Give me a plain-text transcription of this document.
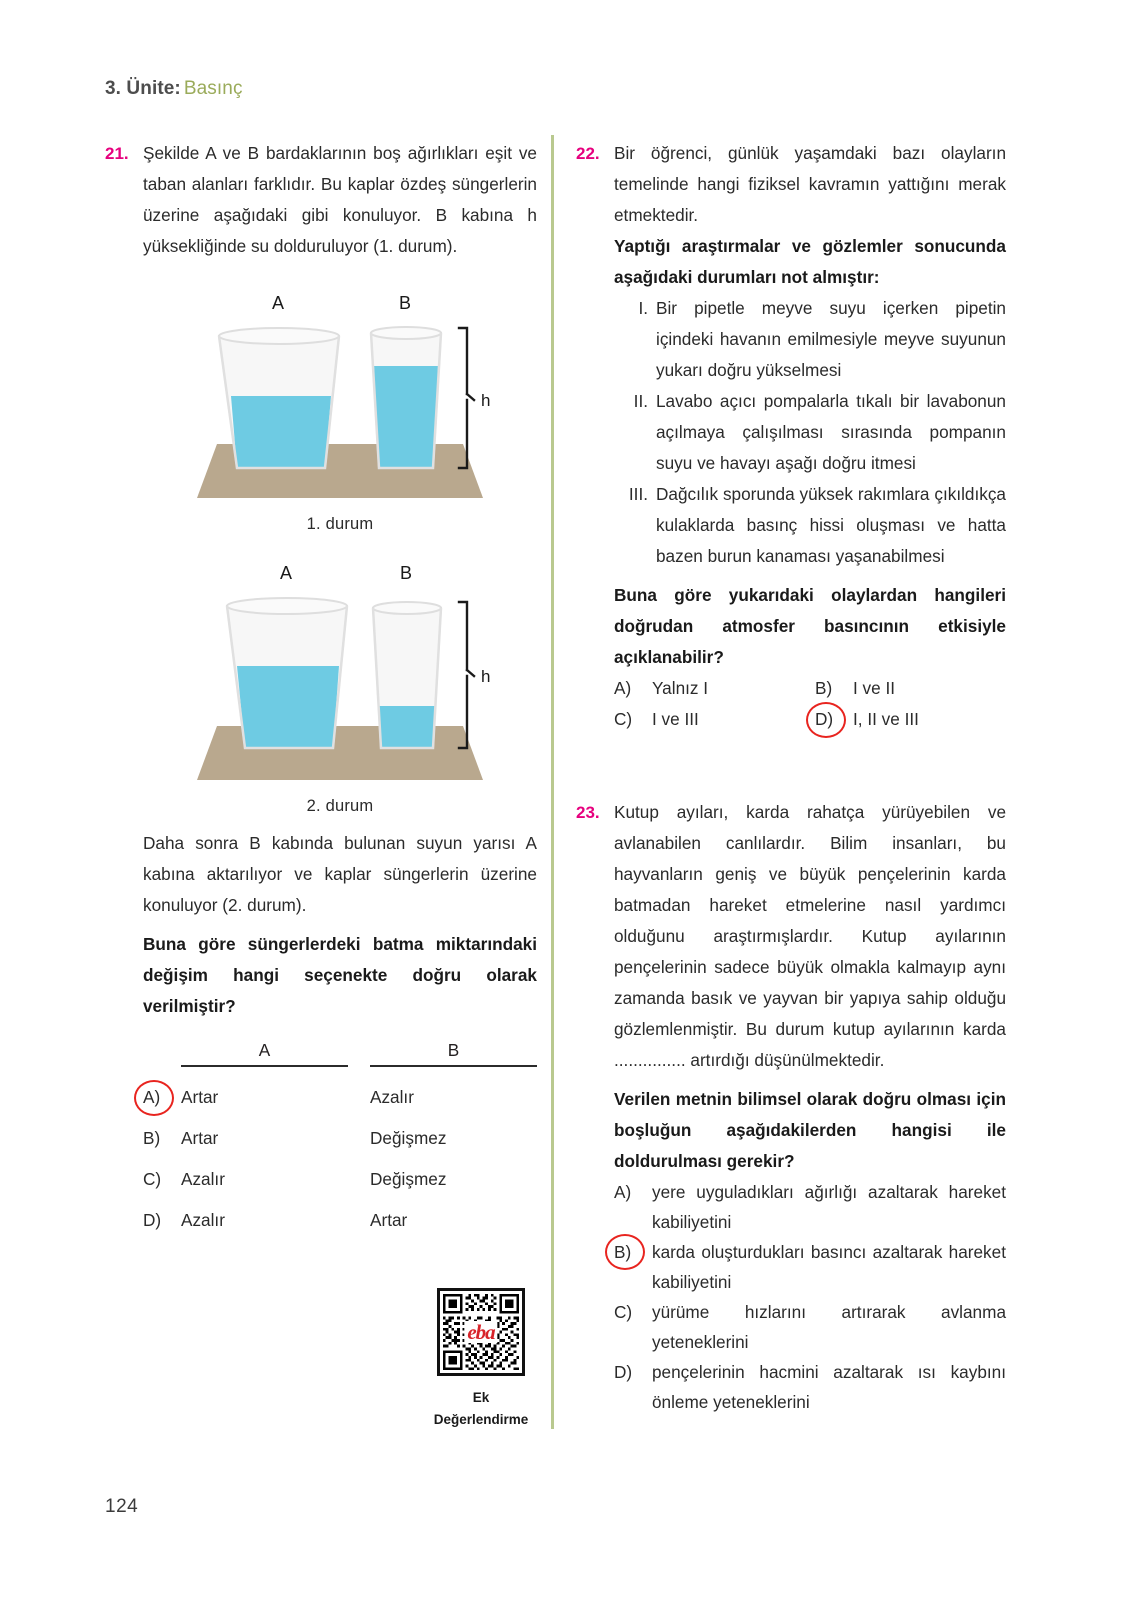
3. Ünite: Basınç
21. Şekilde A ve B bardaklarının boş ağırlıkları eşit ve taban alanları farklıdır. Bu kaplar özdeş süngerlerin üzerine aşağıdaki gibi konuluyor. B kabına h yüksekliğinde su dolduruluyor (1. durum).

h
A	B
1. durum
h
A	B
2. durum

Daha sonra B kabında bulunan suyun yarısı A kabına aktarılıyor ve kaplar süngerlerin üzerine konuluyor (2. durum).

Buna göre süngerlerdeki batma miktarındaki değişim hangi seçenekte doğru olarak verilmiştir?

A	B
A)	Artar	Azalır
B)	Artar	Değişmez
C)	Azalır	Değişmez
D)	Azalır	Artar
eba
Ek
Değerlendirme
22. Bir öğrenci, günlük yaşamdaki bazı olayların temelinde hangi fiziksel kavramın yattığını merak etmektedir.

Yaptığı araştırmalar ve gözlemler sonucunda aşağıdaki durumları not almıştır:

I. Bir pipetle meyve suyu içerken pipetin içindeki havanın emilmesiyle meyve suyunun yukarı doğru yükselmesi
II. Lavabo açıcı pompalarla tıkalı bir lavabonun açılmaya çalışılması sırasında pompanın suyu ve havayı aşağı doğru itmesi
III. Dağcılık sporunda yüksek rakımlara çıkıldıkça kulaklarda basınç hissi oluşması ve hatta bazen burun kanaması yaşanabilmesi

Buna göre yukarıdaki olaylardan hangileri doğrudan atmosfer basıncının etkisiyle açıklanabilir?

A)	Yalnız I	B)	I ve II
C)	I ve III	D)	I, II ve III
23. Kutup ayıları, karda rahatça yürüyebilen ve avlanabilen canlılardır. Bilim insanları, bu hayvanların geniş ve büyük pençelerinin karda batmadan hareket etmelerine nasıl yardımcı olduğunu araştırmışlardır. Kutup ayılarının pençelerinin sadece büyük olmakla kalmayıp aynı zamanda basık ve yayvan bir yapıya sahip olduğu gözlemlenmiştir. Bu durum kutup ayılarının karda ............... artırdığı düşünülmektedir.

Verilen metnin bilimsel olarak doğru olması için boşluğun aşağıdakilerden hangisi ile doldurulması gerekir?

A)	yere uyguladıkları ağırlığı azaltarak hareket kabiliyetini
B)	karda oluşturdukları basıncı azaltarak hareket kabiliyetini
C)	yürüme hızlarını artırarak avlanma yeteneklerini
D)	pençelerinin hacmini azaltarak ısı kaybını önleme yeteneklerini
124
